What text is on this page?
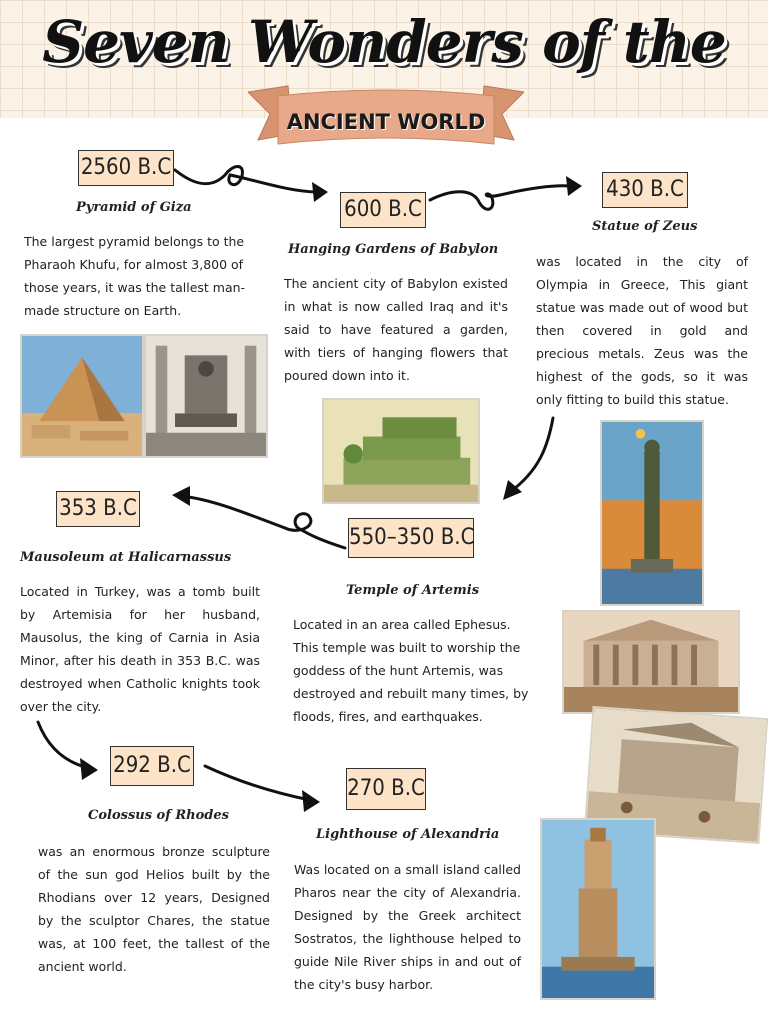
Seven Wonders of the
ANCIENT WORLD
2560 B.C
Pyramid of Giza
The largest pyramid belongs to the Pharaoh Khufu, for almost 3,800 of those years, it was the tallest man-made structure on Earth.
600 B.C
Hanging Gardens of Babylon
The ancient city of Babylon existed in what is now called Iraq and it's said to have featured a garden, with tiers of hanging flowers that poured down into it.
430 B.C
Statue of Zeus
was located in the city of Olympia in Greece, This giant statue was made out of wood but then covered in gold and precious metals. Zeus was the highest of the gods, so it was only fitting to build this statue.
353 B.C
Mausoleum at Halicarnassus
Located in Turkey, was a tomb built by Artemisia for her husband, Mausolus, the king of Carnia in Asia Minor, after his death in 353 B.C. was destroyed when Catholic knights took over the city.
550–350 B.C
Temple of Artemis
Located in an area called Ephesus. This temple was built to worship the goddess of the hunt Artemis, was destroyed and rebuilt many times, by floods, fires, and earthquakes.
292 B.C
Colossus of Rhodes
was an enormous bronze sculpture of the sun god Helios built by the Rhodians over 12 years, Designed by the sculptor Chares, the statue was, at 100 feet, the tallest of the ancient world.
270 B.C
Lighthouse of Alexandria
Was located on a small island called Pharos near the city of Alexandria. Designed by the Greek architect Sostratos, the lighthouse helped to guide Nile River ships in and out of the city's busy harbor.
